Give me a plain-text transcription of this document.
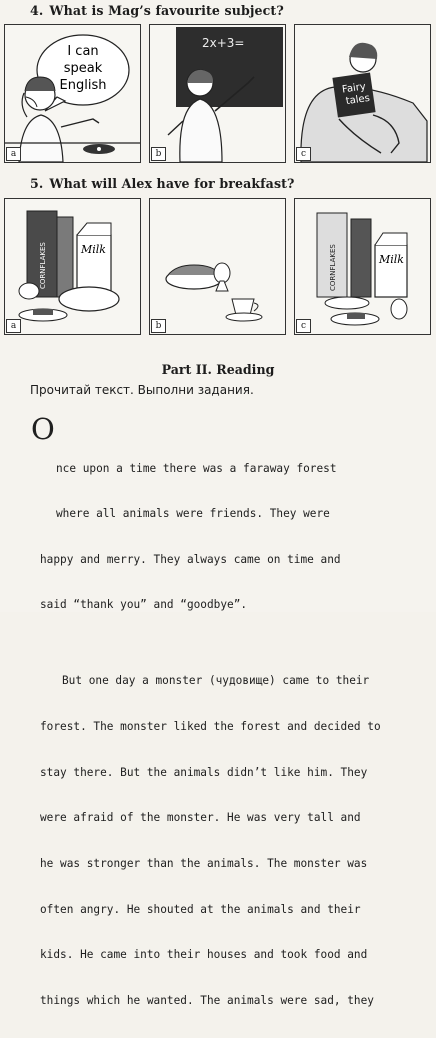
4. What is Mag’s favourite subject?
I can
speak
English
a
2x+3=
b
Fairy
tales
c
5. What will Alex have for breakfast?
CORNFLAKES	Milk
a	b
CORNFLAKES	Milk
c
Part II. Reading
Прочитай текст. Выполни задания.

O

nce upon a time there was a faraway forest

where all animals were friends. They were

happy and merry. They always came on time and

said “thank you” and “goodbye”.

But one day a monster (чудовище) came to their

forest. The monster liked the forest and decided to

stay there. But the animals didn’t like him. They

were afraid of the monster. He was very tall and

he was stronger than the animals. The monster was

often angry. He shouted at the animals and their

kids. He came into their houses and took food and

things which he wanted. The animals were sad, they
